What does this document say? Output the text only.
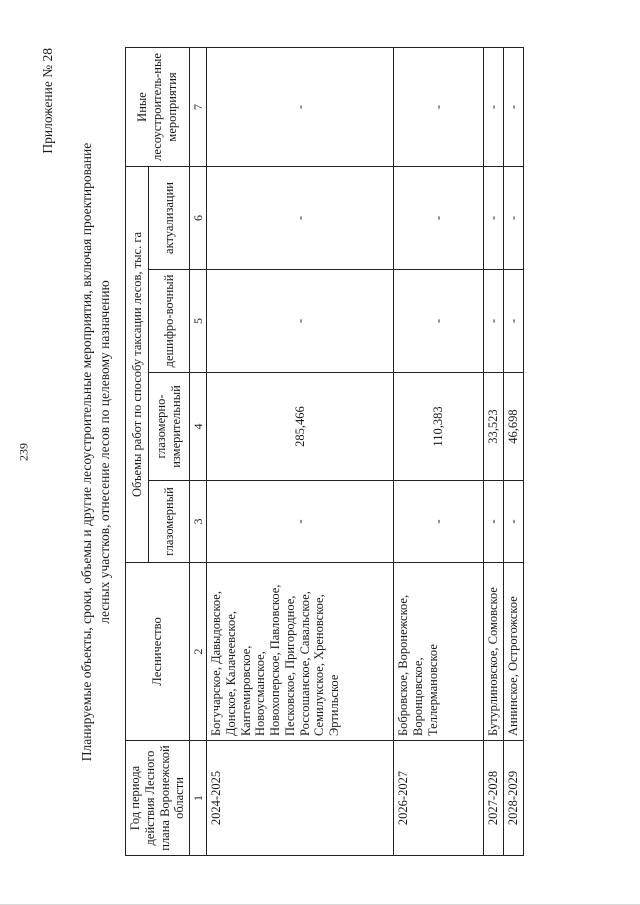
239
Приложение № 28
Планируемые объекты, сроки, объемы и другие лесоустроительные мероприятия, включая проектирование лесных участков, отнесение лесов по целевому назначению
Год периода действия Лесного плана Воронежской области	Лесничество	Объемы работ по способу таксации лесов, тыс. га				Иные лесоустроитель-ные мероприятия
		глазомерный	глазомерно-измерительный	дешифро-вочный	актуализации	
1	2	3	4	5	6	7
2024-2025	Богучарское, Давыдовское, Донское, Калачеевское, Кантемировское, Новоусманское, Новохоперское, Павловское, Песковское, Пригородное, Россошанское, Савальское, Семилукское, Хреновское, Эртильское	-	285,466	-	-	-
2026-2027	Бобровское, Воронежское, Воронцовское, Теллермановское	-	110,383	-	-	-
2027-2028	Бутурлиновское, Сомовское	-	33,523	-	-	-
2028-2029	Аннинское, Острогожское	-	46,698	-	-	-
